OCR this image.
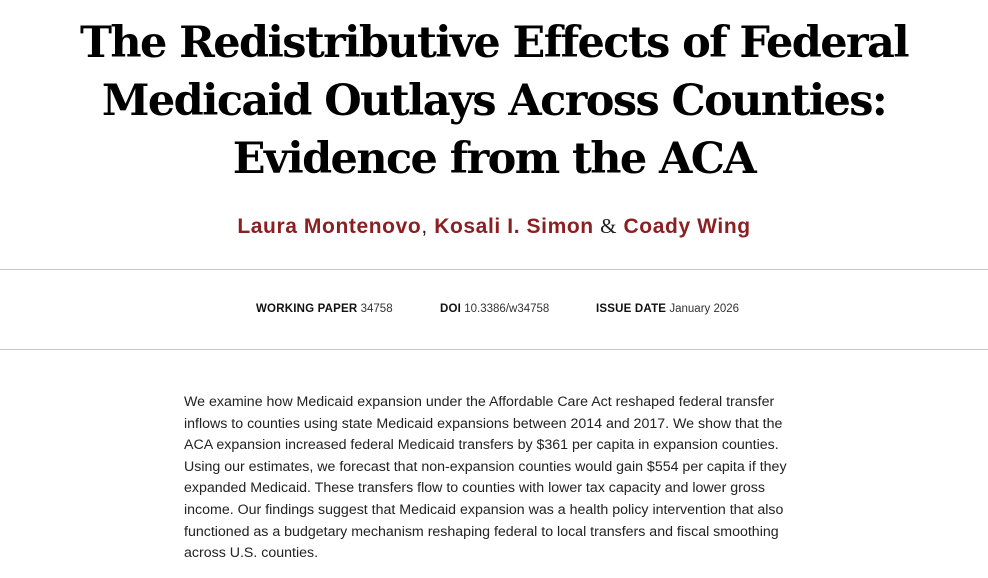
The Redistributive Effects of Federal Medicaid Outlays Across Counties: Evidence from the ACA
Laura Montenovo, Kosali I. Simon & Coady Wing
WORKING PAPER 34758	DOI 10.3386/w34758	ISSUE DATE January 2026

We examine how Medicaid expansion under the Affordable Care Act reshaped federal transfer inflows to counties using state Medicaid expansions between 2014 and 2017. We show that the ACA expansion increased federal Medicaid transfers by $361 per capita in expansion counties. Using our estimates, we forecast that non-expansion counties would gain $554 per capita if they expanded Medicaid. These transfers flow to counties with lower tax capacity and lower gross income. Our findings suggest that Medicaid expansion was a health policy intervention that also functioned as a budgetary mechanism reshaping federal to local transfers and fiscal smoothing across U.S. counties.
